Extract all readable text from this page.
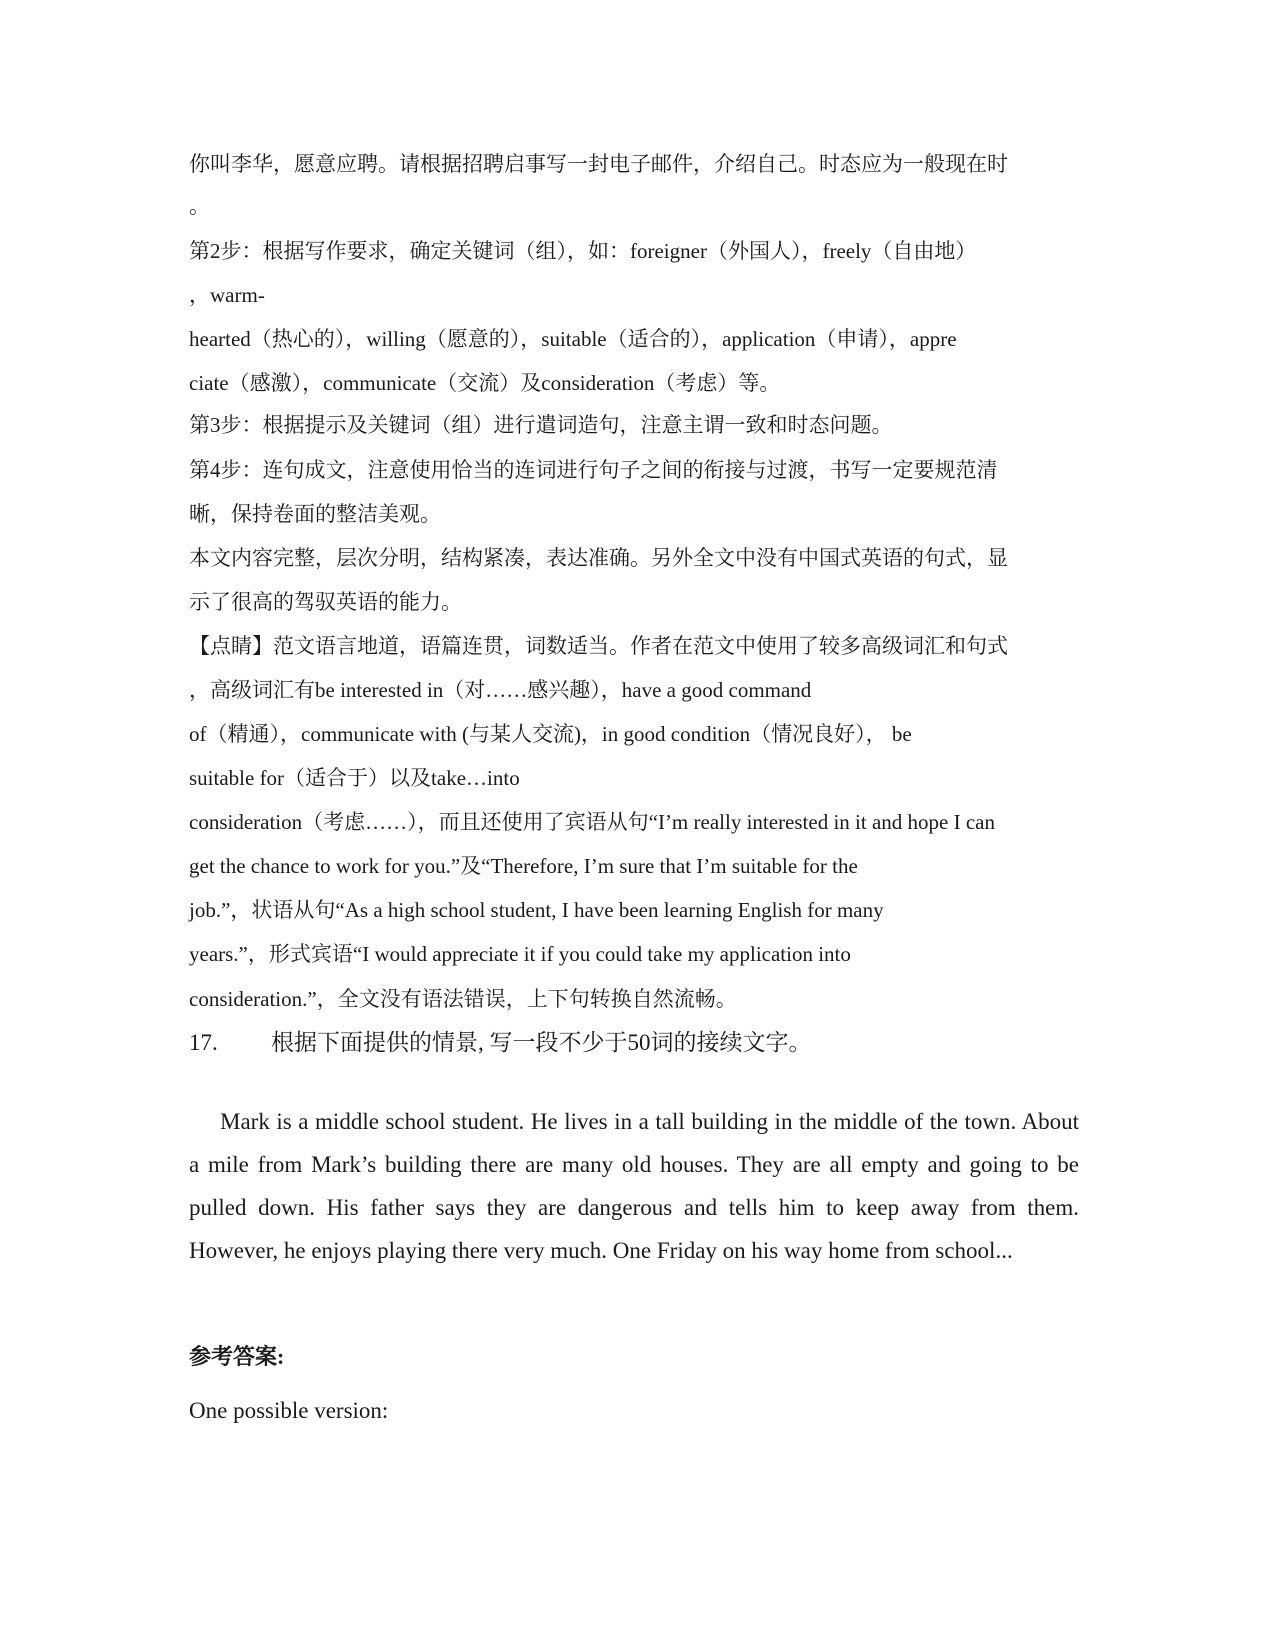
你叫李华，愿意应聘。请根据招聘启事写一封电子邮件，介绍自己。时态应为一般现在时
。
第2步：根据写作要求，确定关键词（组），如：foreigner（外国人），freely（自由地）
，warm-
hearted（热心的），willing（愿意的），suitable（适合的），application（申请），appre
ciate（感激），communicate（交流）及consideration（考虑）等。
第3步：根据提示及关键词（组）进行遣词造句，注意主谓一致和时态问题。
第4步：连句成文，注意使用恰当的连词进行句子之间的衔接与过渡，书写一定要规范清
晰，保持卷面的整洁美观。
本文内容完整，层次分明，结构紧凑，表达准确。另外全文中没有中国式英语的句式，显
示了很高的驾驭英语的能力。
【点睛】范文语言地道，语篇连贯，词数适当。作者在范文中使用了较多高级词汇和句式
，高级词汇有be interested in（对……感兴趣），have a good command
of（精通），communicate with (与某人交流)，in good condition（情况良好）， be
suitable for（适合于）以及take…into
consideration（考虑……），而且还使用了宾语从句“I’m really interested in it and hope I can
get the chance to work for you.”及“Therefore, I’m sure that I’m suitable for the
job.”，状语从句“As a high school student, I have been learning English for many
years.”，形式宾语“I would appreciate it if you could take my application into
consideration.”，全文没有语法错误，上下句转换自然流畅。
17. 根据下面提供的情景, 写一段不少于50词的接续文字。

Mark is a middle school student. He lives in a tall building in the middle of the town. About a mile from Mark’s building there are many old houses. They are all empty and going to be pulled down. His father says they are dangerous and tells him to keep away from them. However, he enjoys playing there very much. One Friday on his way home from school...

参考答案:
One possible version:
